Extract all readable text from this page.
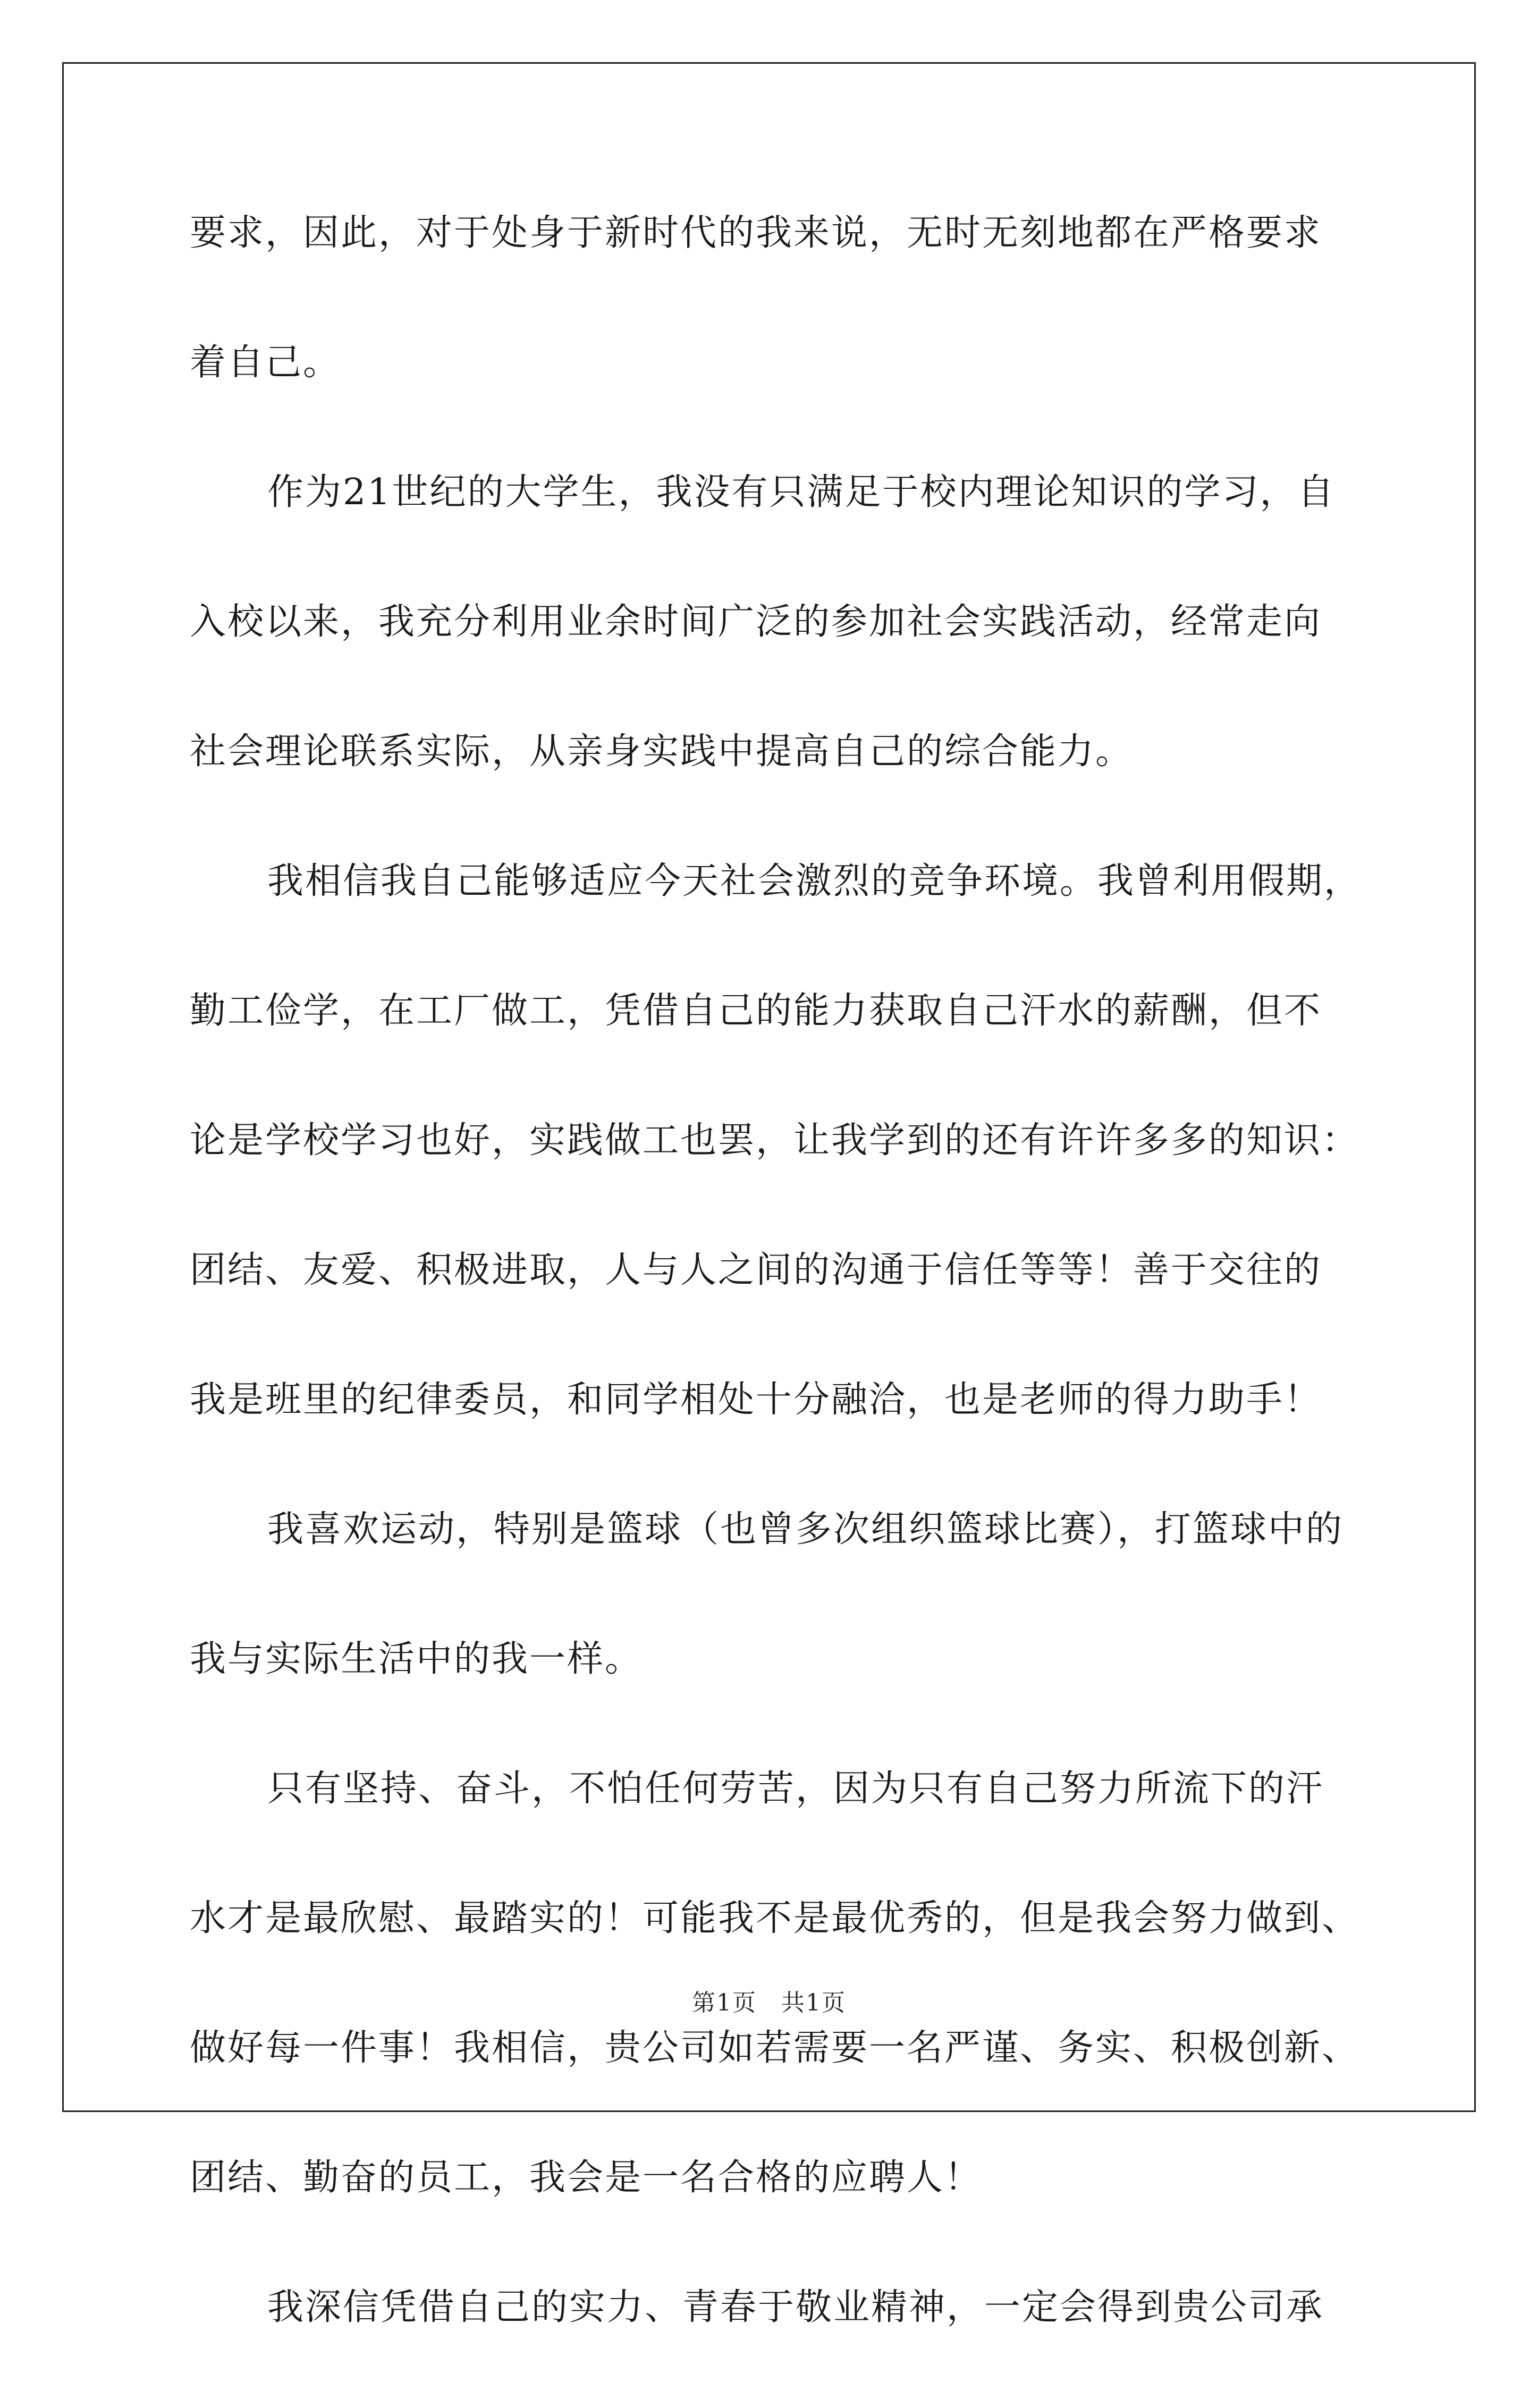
要求，因此，对于处身于新时代的我来说，无时无刻地都在严格要求
着自己。
作为21世纪的大学生，我没有只满足于校内理论知识的学习，自
入校以来，我充分利用业余时间广泛的参加社会实践活动，经常走向
社会理论联系实际，从亲身实践中提高自己的综合能力。
我相信我自己能够适应今天社会激烈的竞争环境。我曾利用假期，
勤工俭学，在工厂做工，凭借自己的能力获取自己汗水的薪酬，但不
论是学校学习也好，实践做工也罢，让我学到的还有许许多多的知识：
团结、友爱、积极进取，人与人之间的沟通于信任等等！善于交往的
我是班里的纪律委员，和同学相处十分融洽，也是老师的得力助手！
我喜欢运动，特别是篮球（也曾多次组织篮球比赛），打篮球中的
我与实际生活中的我一样。
只有坚持、奋斗，不怕任何劳苦，因为只有自己努力所流下的汗
水才是最欣慰、最踏实的！可能我不是最优秀的，但是我会努力做到、
做好每一件事！我相信，贵公司如若需要一名严谨、务实、积极创新、
团结、勤奋的员工，我会是一名合格的应聘人！
我深信凭借自己的实力、青春于敬业精神，一定会得到贵公司承
第1页　共1页
